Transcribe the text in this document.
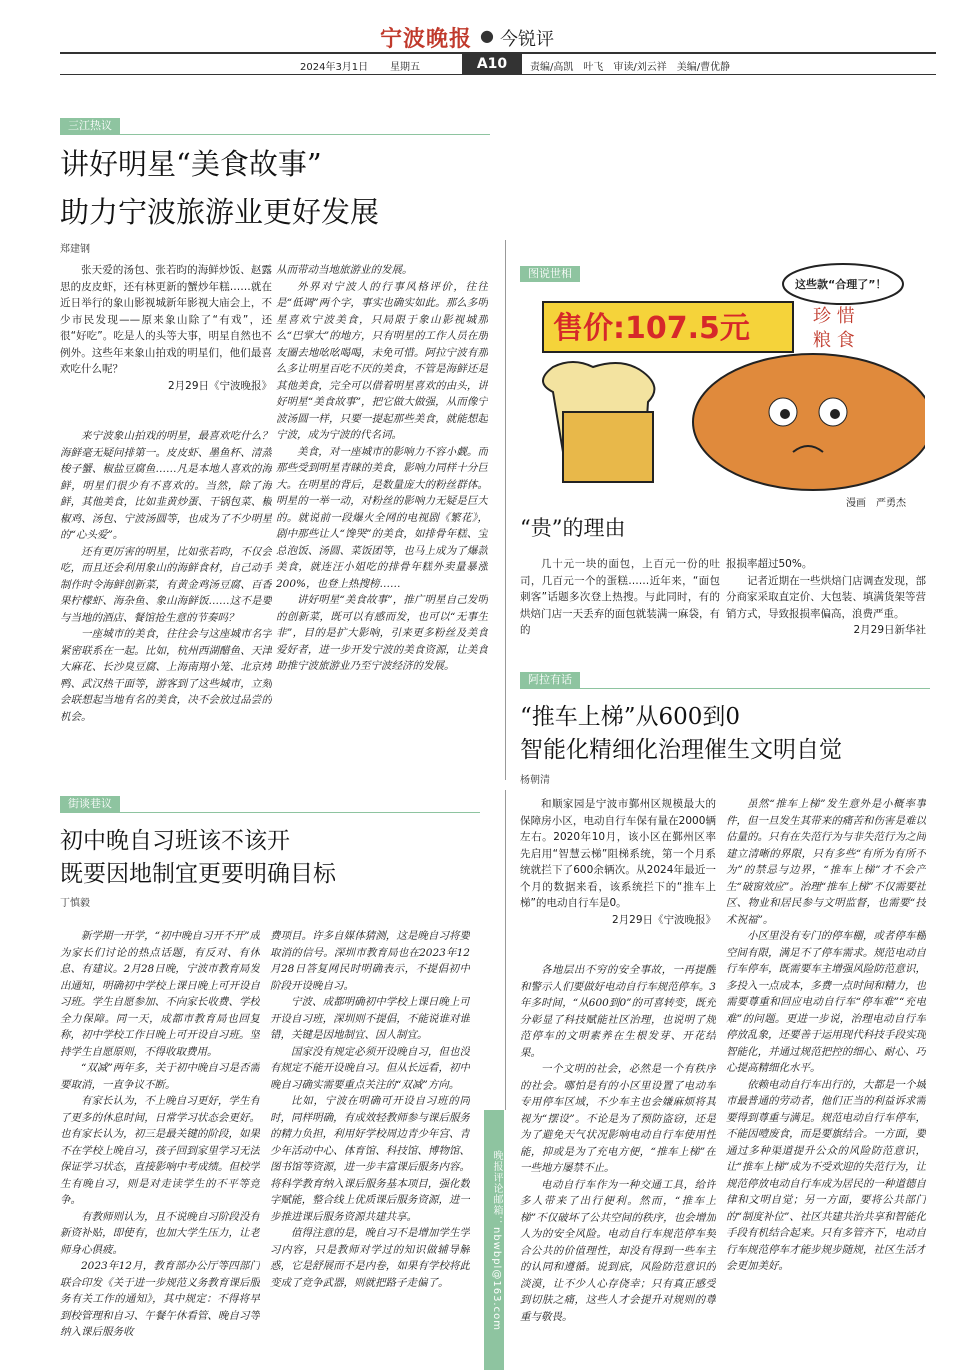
宁波晚报 ● 今锐评
2024年3月1日 星期五	A10	责编/高凯　叶飞　审读/刘云祥　美编/曹优静
三江热议
讲好明星“美食故事”
助力宁波旅游业更好发展
郑建钢

张天爱的汤包、张若昀的海鲜炒饭、赵露思的皮皮虾，还有林更新的蟹炒年糕……就在近日举行的象山影视城新年影视大庙会上，不少市民发现——原来象山除了“有戏”，还很“好吃”。吃是人的头等大事，明星自然也不例外。这些年来象山拍戏的明星们，他们最喜欢吃什么呢？

2月29日《宁波晚报》

来宁波象山拍戏的明星，最喜欢吃什么？海鲜毫无疑问排第一。皮皮虾、墨鱼杯、清蒸梭子蟹、椒盐豆腐鱼……凡是本地人喜欢的海鲜，明星们很少有不喜欢的。当然，除了海鲜，其他美食，比如韭黄炒蛋、干锅包菜、椒椒鸡、汤包、宁波汤圆等，也成为了不少明星的“心头爱”。

还有更厉害的明星，比如张若昀，不仅会吃，而且还会利用象山的海鲜食材，自己动手制作时令海鲜创新菜，有黄金鸡汤豆腐、百香果柠檬虾、海杂鱼、象山海鲜饭……这不是要与当地的酒店、餐馆抢生意的节奏吗？

一座城市的美食，往往会与这座城市名字紧密联系在一起。比如，杭州西湖醋鱼、天津大麻花、长沙臭豆腐、上海南翔小笼、北京烤鸭、武汉热干面等，游客到了这些城市，立刻会联想起当地有名的美食，决不会放过品尝的机会。

从而带动当地旅游业的发展。

外界对宁波人的行事风格评价，往往是“低调”两个字，事实也确实如此。那么多明星喜欢宁波美食，只局限于象山影视城那么“巴掌大”的地方，只有明星的工作人员在朋友圈去地吆吆喝喝，未免可惜。阿拉宁波有那么多让明星百吃不厌的美食，不管是海鲜还是其他美食，完全可以借着明星喜欢的由头，讲好明星“美食故事”，把它做大做强，从而像宁波汤圆一样，只要一提起那些美食，就能想起宁波，成为宁波的代名词。

美食，对一座城市的影响力不容小觑。而那些受到明星青睐的美食，影响力同样十分巨大。在明星的背后，是数量庞大的粉丝群体。明星的一举一动，对粉丝的影响力无疑是巨大的。就说前一段爆火全网的电视剧《繁花》，剧中那些让人“馋哭”的美食，如排骨年糕、宝总泡饭、汤圆、菜饭团等，也马上成为了爆款美食，就连汪小姐吃的排骨年糕外卖量暴涨200%，也登上热搜榜……

讲好明星“美食故事”，推广明星自己发明的创新菜，既可以有感而发，也可以“无事生非”，目的是扩大影响，引来更多粉丝及美食爱好者，进一步开发宁波的美食资源，让美食助推宁波旅游业乃至宁波经济的发展。

售价:107.5元	珍 惜
粮 食
这些款“合理了”！
图说世相
漫画　严勇杰
“贵”的理由

几十元一块的面包，上百元一份的吐司，几百元一个的蛋糕……近年来，“面包刺客”话题多次登上热搜。与此同时，有的烘焙门店一天丢弃的面包就装满一麻袋，有的

报损率超过50%。

记者近期在一些烘焙门店调查发现，部分商家采取直定价、大包装、填满货架等营销方式，导致报损率偏高，浪费严重。

2月29日新华社
阿拉有话
“推车上梯”从600到0
智能化精细化治理催生文明自觉
杨朝清

和顺家园是宁波市鄞州区规模最大的保障房小区，电动自行车保有量在2000辆左右。2020年10月，该小区在鄞州区率先启用“智慧云梯”阻梯系统，第一个月系统就拦下了600余辆次。从2024年最近一个月的数据来看，该系统拦下的“推车上梯”的电动自行车是0。

2月29日《宁波晚报》

各地层出不穷的安全事故，一再提醒和警示人们要做好电动自行车规范停车。3年多时间，“从600到0”的可喜转变，既充分彰显了科技赋能社区治理，也说明了规范停车的文明素养在生根发芽、开花结果。

一个文明的社会，必然是一个有秩序的社会。哪怕是有的小区里设置了电动车专用停车区域，不少车主也会嫌麻烦将其视为“摆设”。不论是为了预防盗窃，还是为了避免天气状况影响电动自行车使用性能，抑或是为了充电方便，“推车上梯”在一些地方屡禁不止。

电动自行车作为一种交通工具，给许多人带来了出行便利。然而，“推车上梯”不仅破坏了公共空间的秩序，也会增加人为的安全风险。电动自行车规范停车契合公共的价值理性，却没有得到一些车主的认同和遵循。说到底，风险防范意识的淡漠，让不少人心存侥幸；只有真正感受到切肤之痛，这些人才会提升对规则的尊重与敬畏。

虽然“推车上梯”发生意外是小概率事件，但一旦发生其带来的痛苦和伤害是难以估量的。只有在失范行为与非失范行为之间建立清晰的界限，只有多些“有所为有所不为”的禁忌与边界，“推车上梯”才不会产生“破窗效应”。治理“推车上梯”不仅需要社区、物业和居民参与文明监督，也需要“技术祝福”。

小区里没有专门的停车棚，或者停车棚空间有限，满足不了停车需求。规范电动自行车停车，既需要车主增强风险防范意识，多投入一点成本，多费一点时间和精力，也需要尊重和回应电动自行车“停车难”“充电难”的问题。更进一步说，治理电动自行车停放乱象，还要善于运用现代科技手段实现智能化，并通过规范把控的细心、耐心、巧心提高精细化水平。

依赖电动自行车出行的，大都是一个城市最普通的劳动者，他们正当的利益诉求需要得到尊重与满足。规范电动自行车停车，不能因噎废食，而是要旗结合。一方面，要通过多种渠道提升公众的风险防范意识，让“推车上梯”成为不受欢迎的失范行为，让规范停放电动自行车成为居民的一种道德自律和文明自觉；另一方面，要将公共部门的“制度补位”、社区共建共治共享和智能化手段有机结合起来。只有多管齐下，电动自行车规范停车才能步规步随规，社区生活才会更加美好。

街谈巷议
初中晚自习班该不该开
既要因地制宜更要明确目标
丁慎毅

新学期一开学，“初中晚自习开不开”成为家长们讨论的热点话题，有反对、有休息、有建议。2月28日晚，宁波市教育局发出通知，明确初中学校上课日晚上可开设自习班。学生自愿参加、不向家长收费、学校全力保障。同一天，成都市教育局也回复称，初中学校工作日晚上可开设自习班。坚持学生自愿原则，不得收取费用。

“双减”两年多，关于初中晚自习是否需要取消，一直争议不断。

有家长认为，不上晚自习更好，学生有了更多的休息时间，日常学习状态会更好。也有家长认为，初三是最关键的阶段，如果不在学校上晚自习，孩子回到家里学习无法保证学习状态，直接影响中考成绩。但校学生有晚自习，则是对走读学生的不平等竞争。

有教师则认为，且不说晚自习阶段没有新资补贴，即使有，也加大学生压力，让老师身心俱疲。

2023年12月，教育部办公厅等四部门联合印发《关于进一步规范义务教育课后服务有关工作的通知》，其中规定：不得将早到校管理和自习、午餐午休看管、晚自习等纳入课后服务收

费项目。许多自媒体猜测，这是晚自习将要取消的信号。深圳市教育局也在2023年12月28日答复网民时明确表示，不提倡初中阶段开设晚自习。

宁波、成都明确初中学校上课日晚上可开设自习班，深圳则不提倡，不能说谁对谁错，关键是因地制宜、因人制宜。

国家没有规定必须开设晚自习，但也没有规定不能开设晚自习。但从长远看，初中晚自习确实需要重点关注的“双减”方向。

比如，宁波在明确可开设自习班的同时，同样明确，有成效轻教师参与课后服务的精力负担，利用好学校周边青少年宫、青少年活动中心、体育馆、科技馆、博物馆、图书馆等资源，进一步丰富课后服务内容。将科学教育纳入课后服务基本项目，强化数字赋能，整合线上优质课后服务资源，进一步推进课后服务资源共建共享。

值得注意的是，晚自习不是增加学生学习内容，只是教师对学过的知识做辅导解惑，它是舒展而不是内卷，如果有学校将此变成了竞争武器，则就把路子走偏了。	晚报评论邮箱：nbwbpl@163.com
